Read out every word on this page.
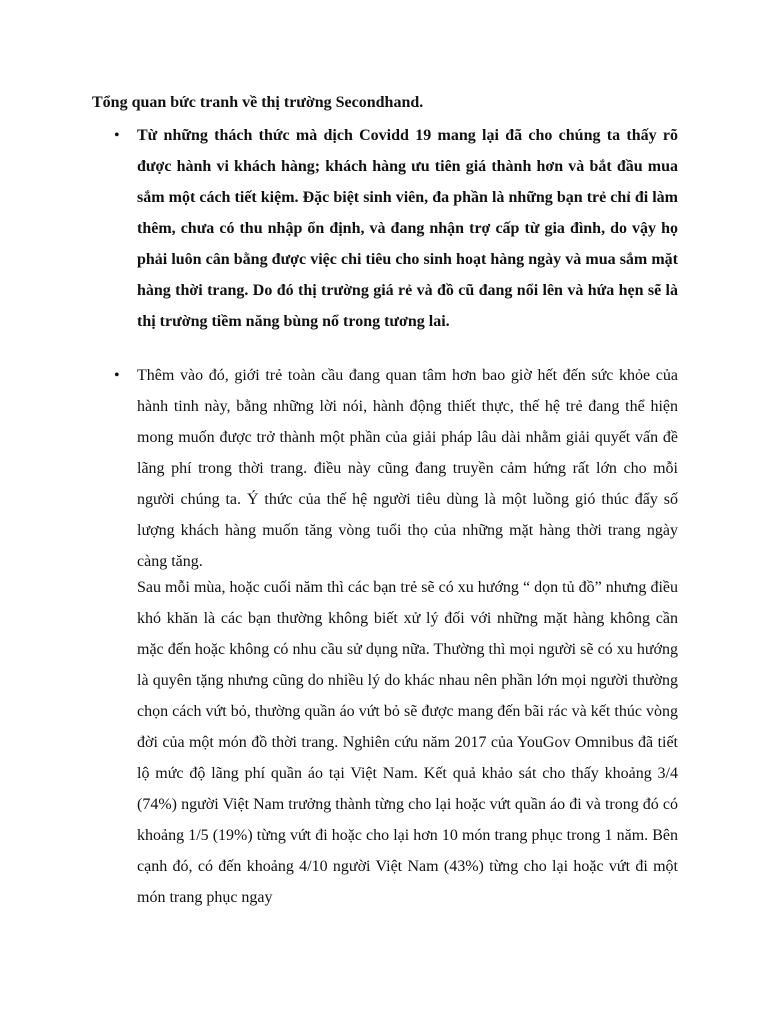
Tổng quan bức tranh về thị trường Secondhand.
• Từ những thách thức mà dịch Covidd 19 mang lại đã cho chúng ta thấy rõ được hành vi khách hàng; khách hàng ưu tiên giá thành hơn và bắt đầu mua sắm một cách tiết kiệm. Đặc biệt sinh viên, đa phần là những bạn trẻ chỉ đi làm thêm, chưa có thu nhập ổn định, và đang nhận trợ cấp từ gia đình, do vậy họ phải luôn cân bằng được việc chi tiêu cho sinh hoạt hàng ngày và mua sắm mặt hàng thời trang. Do đó thị trường giá rẻ và đồ cũ đang nổi lên và hứa hẹn sẽ là thị trường tiềm năng bùng nổ trong tương lai.
• Thêm vào đó, giới trẻ toàn cầu đang quan tâm hơn bao giờ hết đến sức khỏe của hành tinh này, bằng những lời nói, hành động thiết thực, thế hệ trẻ đang thể hiện mong muốn được trở thành một phần của giải pháp lâu dài nhằm giải quyết vấn đề lãng phí trong thời trang. điều này cũng đang truyền cảm hứng rất lớn cho mỗi người chúng ta. Ý thức của thế hệ người tiêu dùng là một luồng gió thúc đẩy số lượng khách hàng muốn tăng vòng tuổi thọ của những mặt hàng thời trang ngày càng tăng.
Sau mỗi mùa, hoặc cuối năm thì các bạn trẻ sẽ có xu hướng “ dọn tủ đồ” nhưng điều khó khăn là các bạn thường không biết xử lý đối với những mặt hàng không cần mặc đến hoặc không có nhu cầu sử dụng nữa. Thường thì mọi người sẽ có xu hướng là quyên tặng nhưng cũng do nhiều lý do khác nhau nên phần lớn mọi người thường chọn cách vứt bỏ, thường quần áo vứt bỏ sẽ được mang đến bãi rác và kết thúc vòng đời của một món đồ thời trang. Nghiên cứu năm 2017 của YouGov Omnibus đã tiết lộ mức độ lãng phí quần áo tại Việt Nam. Kết quả khảo sát cho thấy khoảng 3/4 (74%) người Việt Nam trưởng thành từng cho lại hoặc vứt quần áo đi và trong đó có khoảng 1/5 (19%) từng vứt đi hoặc cho lại hơn 10 món trang phục trong 1 năm. Bên cạnh đó, có đến khoảng 4/10 người Việt Nam (43%) từng cho lại hoặc vứt đi một món trang phục ngay
